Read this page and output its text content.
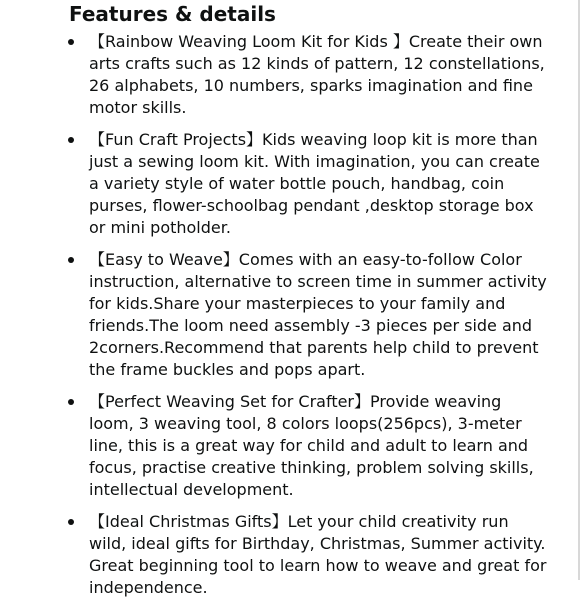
Features & details
【Rainbow Weaving Loom Kit for Kids 】Create their own arts crafts such as 12 kinds of pattern, 12 constellations, 26 alphabets, 10 numbers, sparks imagination and fine motor skills.
【Fun Craft Projects】Kids weaving loop kit is more than just a sewing loom kit. With imagination, you can create a variety style of water bottle pouch, handbag, coin purses, flower-schoolbag pendant ,desktop storage box or mini potholder.
【Easy to Weave】Comes with an easy-to-follow Color instruction, alternative to screen time in summer activity for kids.Share your masterpieces to your family and friends.The loom need assembly -3 pieces per side and 2corners.Recommend that parents help child to prevent the frame buckles and pops apart.
【Perfect Weaving Set for Crafter】Provide weaving loom, 3 weaving tool, 8 colors loops(256pcs), 3-meter line, this is a great way for child and adult to learn and focus, practise creative thinking, problem solving skills, intellectual development.
【Ideal Christmas Gifts】Let your child creativity run wild, ideal gifts for Birthday, Christmas, Summer activity. Great beginning tool to learn how to weave and great for independence.
